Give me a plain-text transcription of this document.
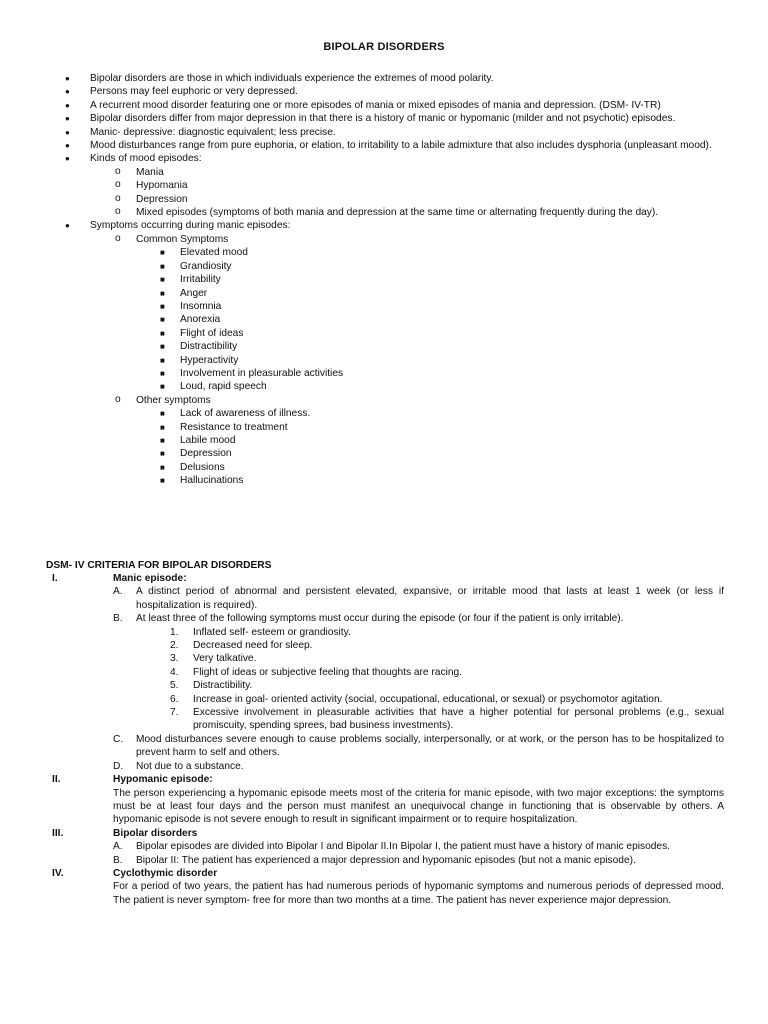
BIPOLAR DISORDERS
● Bipolar disorders are those in which individuals experience the extremes of mood polarity.
● Persons may feel euphoric or very depressed.
● A recurrent mood disorder featuring one or more episodes of mania or mixed episodes of mania and depression. (DSM- IV-TR)
● Bipolar disorders differ from major depression in that there is a history of manic or hypomanic (milder and not psychotic) episodes.
● Manic- depressive: diagnostic equivalent; less precise.
● Mood disturbances range from pure euphoria, or elation, to irritability to a labile admixture that also includes dysphoria (unpleasant mood).
● Kinds of mood episodes:
o Mania
o Hypomania
o Depression
o Mixed episodes (symptoms of both mania and depression at the same time or alternating frequently during the day).
● Symptoms occurring during manic episodes:
o Common Symptoms
■ Elevated mood
■ Grandiosity
■ Irritability
■ Anger
■ Insomnia
■ Anorexia
■ Flight of ideas
■ Distractibility
■ Hyperactivity
■ Involvement in pleasurable activities
■ Loud, rapid speech
o Other symptoms
■ Lack of awareness of illness.
■ Resistance to treatment
■ Labile mood
■ Depression
■ Delusions
■ Hallucinations
DSM- IV CRITERIA FOR BIPOLAR DISORDERS
I.	Manic episode:
A. A distinct period of abnormal and persistent elevated, expansive, or irritable mood that lasts at least 1 week (or less if hospitalization is required).
B. At least three of the following symptoms must occur during the episode (or four if the patient is only irritable).
1. Inflated self- esteem or grandiosity.
2. Decreased need for sleep.
3. Very talkative.
4. Flight of ideas or subjective feeling that thoughts are racing.
5. Distractibility.
6. Increase in goal- oriented activity (social, occupational, educational, or sexual) or psychomotor agitation.
7. Excessive involvement in pleasurable activities that have a higher potential for personal problems (e.g., sexual promiscuity, spending sprees, bad business investments).
C. Mood disturbances severe enough to cause problems socially, interpersonally, or at work, or the person has to be hospitalized to prevent harm to self and others.
D. Not due to a substance.
II.	Hypomanic episode:
The person experiencing a hypomanic episode meets most of the criteria for manic episode, with two major exceptions: the symptoms must be at least four days and the person must manifest an unequivocal change in functioning that is observable by others. A hypomanic episode is not severe enough to result in significant impairment or to require hospitalization.
III.	Bipolar disorders
A. Bipolar episodes are divided into Bipolar I and Bipolar II.In Bipolar I, the patient must have a history of manic episodes.
B. Bipolar II: The patient has experienced a major depression and hypomanic episodes (but not a manic episode).
IV.	Cyclothymic disorder
For a period of two years, the patient has had numerous periods of hypomanic symptoms and numerous periods of depressed mood. The patient is never symptom- free for more than two months at a time. The patient has never experience major depression.
